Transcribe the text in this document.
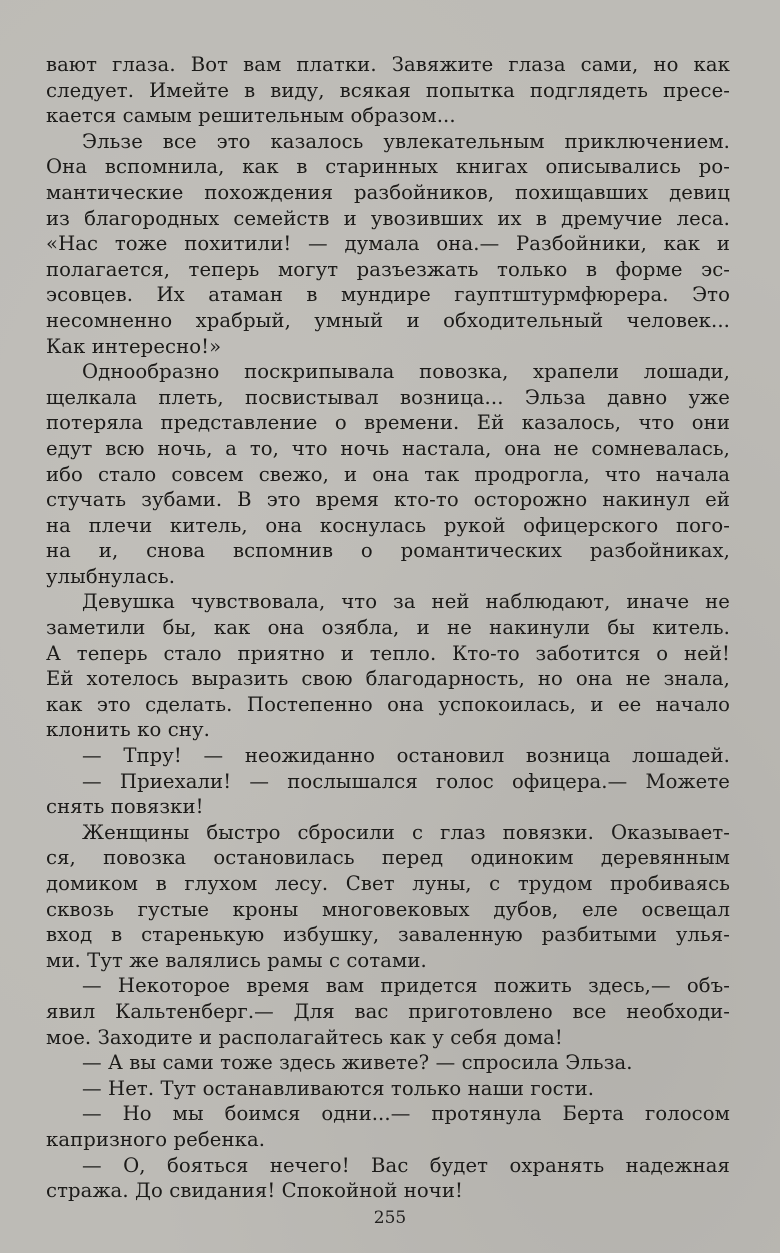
вают глаза. Вот вам платки. Завяжите глаза сами, но как
следует. Имейте в виду, всякая попытка подглядеть пресе-
кается самым решительным образом...
Эльзе все это казалось увлекательным приключением.
Она вспомнила, как в старинных книгах описывались ро-
мантические похождения разбойников, похищавших девиц
из благородных семейств и увозивших их в дремучие леса.
«Нас тоже похитили! — думала она.— Разбойники, как и
полагается, теперь могут разъезжать только в форме эс-
эсовцев. Их атаман в мундире гауптштурмфюрера. Это
несомненно храбрый, умный и обходительный человек...
Как интересно!»
Однообразно поскрипывала повозка, храпели лошади,
щелкала плеть, посвистывал возница... Эльза давно уже
потеряла представление о времени. Ей казалось, что они
едут всю ночь, а то, что ночь настала, она не сомневалась,
ибо стало совсем свежо, и она так продрогла, что начала
стучать зубами. В это время кто-то осторожно накинул ей
на плечи китель, она коснулась рукой офицерского пого-
на и, снова вспомнив о романтических разбойниках,
улыбнулась.
Девушка чувствовала, что за ней наблюдают, иначе не
заметили бы, как она озябла, и не накинули бы китель.
А теперь стало приятно и тепло. Кто-то заботится о ней!
Ей хотелось выразить свою благодарность, но она не знала,
как это сделать. Постепенно она успокоилась, и ее начало
клонить ко сну.
— Тпру! — неожиданно остановил возница лошадей.
— Приехали! — послышался голос офицера.— Можете
снять повязки!
Женщины быстро сбросили с глаз повязки. Оказывает-
ся, повозка остановилась перед одиноким деревянным
домиком в глухом лесу. Свет луны, с трудом пробиваясь
сквозь густые кроны многовековых дубов, еле освещал
вход в старенькую избушку, заваленную разбитыми улья-
ми. Тут же валялись рамы с сотами.
— Некоторое время вам придется пожить здесь,— объ-
явил Кальтенберг.— Для вас приготовлено все необходи-
мое. Заходите и располагайтесь как у себя дома!
— А вы сами тоже здесь живете? — спросила Эльза.
— Нет. Тут останавливаются только наши гости.
— Но мы боимся одни...— протянула Берта голосом
капризного ребенка.
— О, бояться нечего! Вас будет охранять надежная
стража. До свидания! Спокойной ночи!
255
